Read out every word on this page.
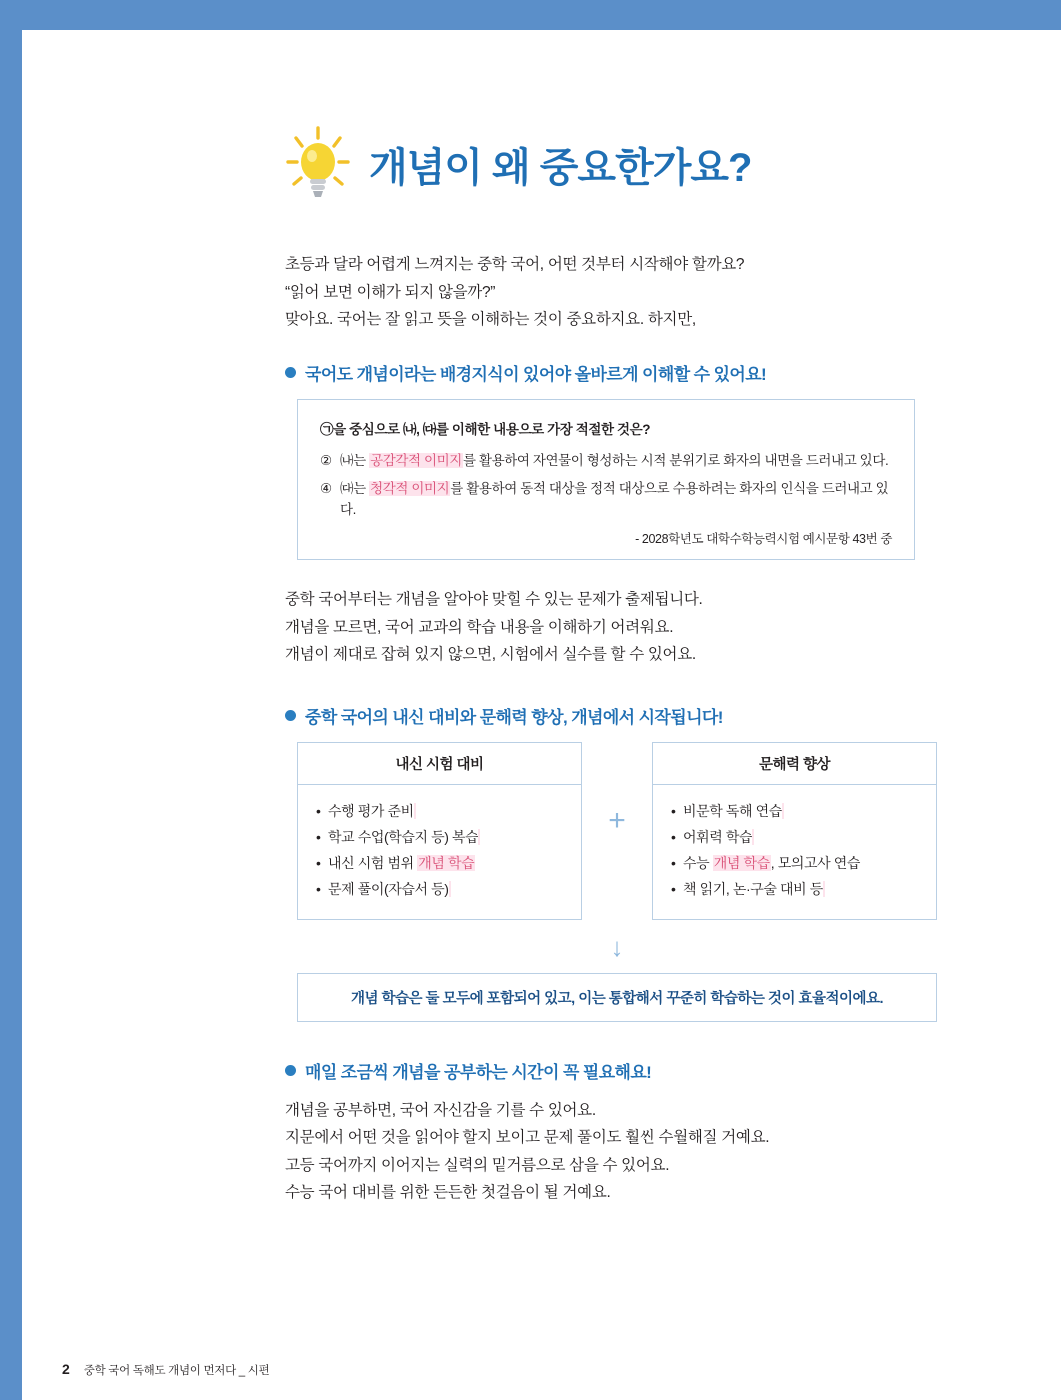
개념이 왜 중요한가요?
초등과 달라 어렵게 느껴지는 중학 국어, 어떤 것부터 시작해야 할까요?
“읽어 보면 이해가 되지 않을까?”
맞아요. 국어는 잘 읽고 뜻을 이해하는 것이 중요하지요. 하지만,
국어도 개념이라는 배경지식이 있어야 올바르게 이해할 수 있어요!
㉠을 중심으로 ㈏, ㈐를 이해한 내용으로 가장 적절한 것은?
② ㈏는 공감각적 이미지를 활용하여 자연물이 형성하는 시적 분위기로 화자의 내면을 드러내고 있다.
④ ㈐는 청각적 이미지를 활용하여 동적 대상을 정적 대상으로 수용하려는 화자의 인식을 드러내고 있다.
- 2028학년도 대학수학능력시험 예시문항 43번 중
중학 국어부터는 개념을 알아야 맞힐 수 있는 문제가 출제됩니다.
개념을 모르면, 국어 교과의 학습 내용을 이해하기 어려워요.
개념이 제대로 잡혀 있지 않으면, 시험에서 실수를 할 수 있어요.
중학 국어의 내신 대비와 문해력 향상, 개념에서 시작됩니다!
내신 시험 대비
• 수행 평가 준비
• 학교 수업(학습지 등) 복습
• 내신 시험 범위 개념 학습
• 문제 풀이(자습서 등)
+
문해력 향상
• 비문학 독해 연습
• 어휘력 학습
• 수능 개념 학습, 모의고사 연습
• 책 읽기, 논·구술 대비 등
↓
개념 학습은 둘 모두에 포함되어 있고, 이는 통합해서 꾸준히 학습하는 것이 효율적이에요.
매일 조금씩 개념을 공부하는 시간이 꼭 필요해요!
개념을 공부하면, 국어 자신감을 기를 수 있어요.
지문에서 어떤 것을 읽어야 할지 보이고 문제 풀이도 훨씬 수월해질 거예요.
고등 국어까지 이어지는 실력의 밑거름으로 삼을 수 있어요.
수능 국어 대비를 위한 든든한 첫걸음이 될 거예요.
2 중학 국어 독해도 개념이 먼저다 _ 시편
